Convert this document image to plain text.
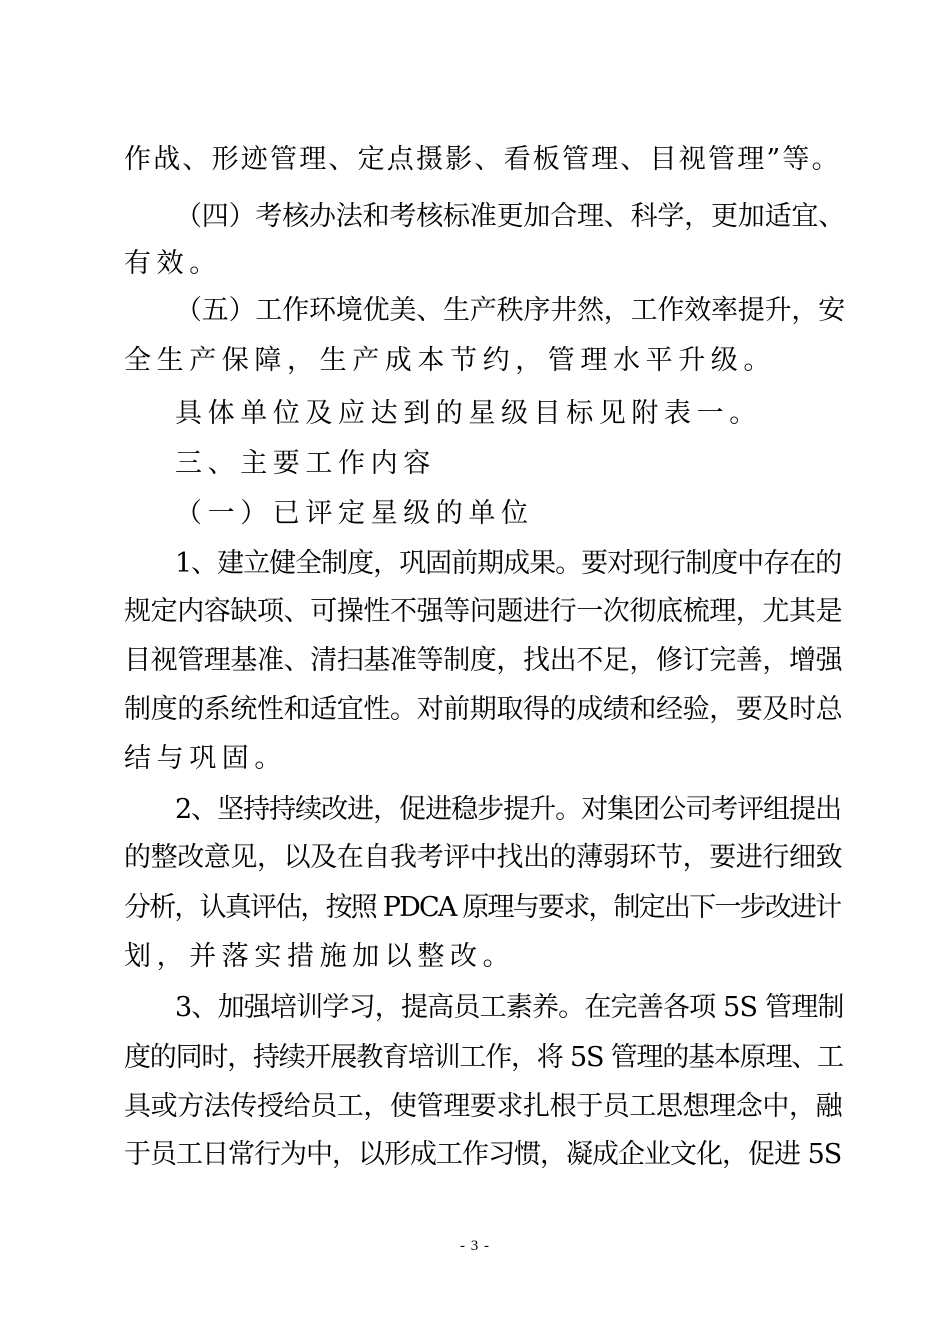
作战、形迹管理、定点摄影、看板管理、目视管理”等。
（四）考核办法和考核标准更加合理、科学，更加适宜、
有效。
（五）工作环境优美、生产秩序井然，工作效率提升，安
全生产保障，生产成本节约，管理水平升级。
具体单位及应达到的星级目标见附表一。
三、主要工作内容
（一）已评定星级的单位
1、建立健全制度，巩固前期成果。要对现行制度中存在的
规定内容缺项、可操性不强等问题进行一次彻底梳理，尤其是
目视管理基准、清扫基准等制度，找出不足，修订完善，增强
制度的系统性和适宜性。对前期取得的成绩和经验，要及时总
结与巩固。
2、坚持持续改进，促进稳步提升。对集团公司考评组提出
的整改意见，以及在自我考评中找出的薄弱环节，要进行细致
分析，认真评估，按照 PDCA 原理与要求，制定出下一步改进计
划，并落实措施加以整改。
3、加强培训学习，提高员工素养。在完善各项 5S 管理制
度的同时，持续开展教育培训工作，将 5S 管理的基本原理、工
具或方法传授给员工，使管理要求扎根于员工思想理念中，融
于员工日常行为中，以形成工作习惯，凝成企业文化，促进 5S
- 3 -
